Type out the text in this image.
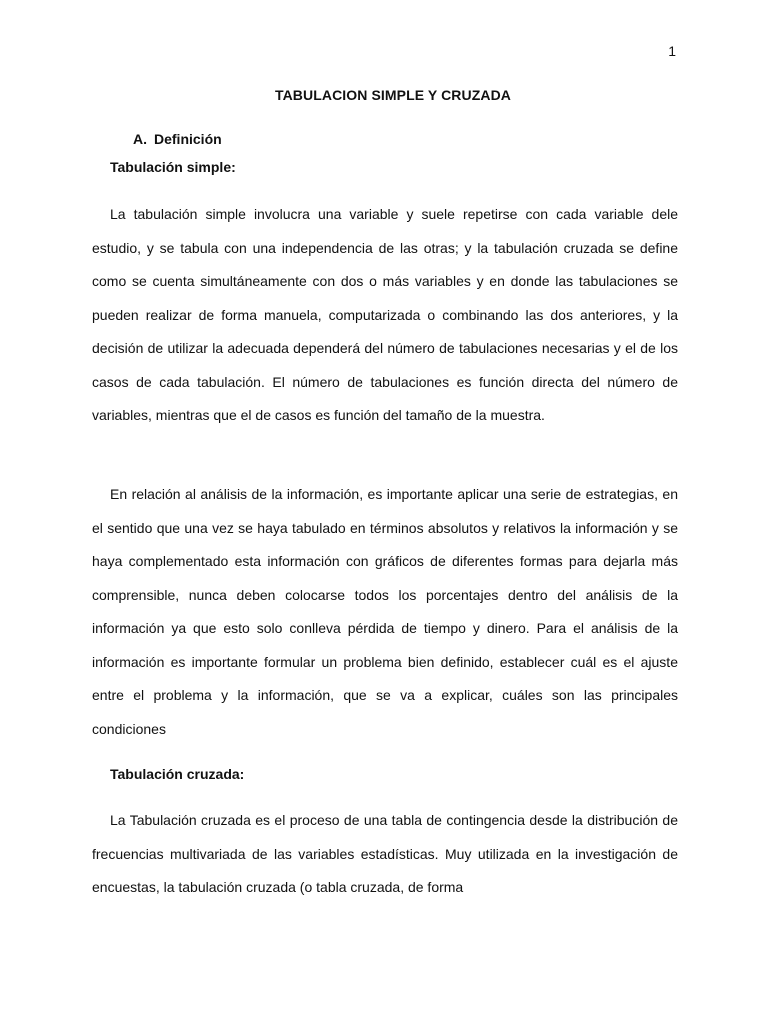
1
TABULACION SIMPLE Y CRUZADA
A. Definición
Tabulación simple:

La tabulación simple involucra una variable y suele repetirse con cada variable dele estudio, y se tabula con una independencia de las otras; y la tabulación cruzada se define como se cuenta simultáneamente con dos o más variables y en donde las tabulaciones se pueden realizar de forma manuela, computarizada o combinando las dos anteriores, y la decisión de utilizar la adecuada dependerá del número de tabulaciones necesarias y el de los casos de cada tabulación. El número de tabulaciones es función directa del número de variables, mientras que el de casos es función del tamaño de la muestra.

En relación al análisis de la información, es importante aplicar una serie de estrategias, en el sentido que una vez se haya tabulado en términos absolutos y relativos la información y se haya complementado esta información con gráficos de diferentes formas para dejarla más comprensible, nunca deben colocarse todos los porcentajes dentro del análisis de la información ya que esto solo conlleva pérdida de tiempo y dinero. Para el análisis de la información es importante formular un problema bien definido, establecer cuál es el ajuste entre el problema y la información, que se va a explicar, cuáles son las principales condiciones

Tabulación cruzada:

La Tabulación cruzada es el proceso de una tabla de contingencia desde la distribución de frecuencias multivariada de las variables estadísticas. Muy utilizada en la investigación de encuestas, la tabulación cruzada (o tabla cruzada, de forma
